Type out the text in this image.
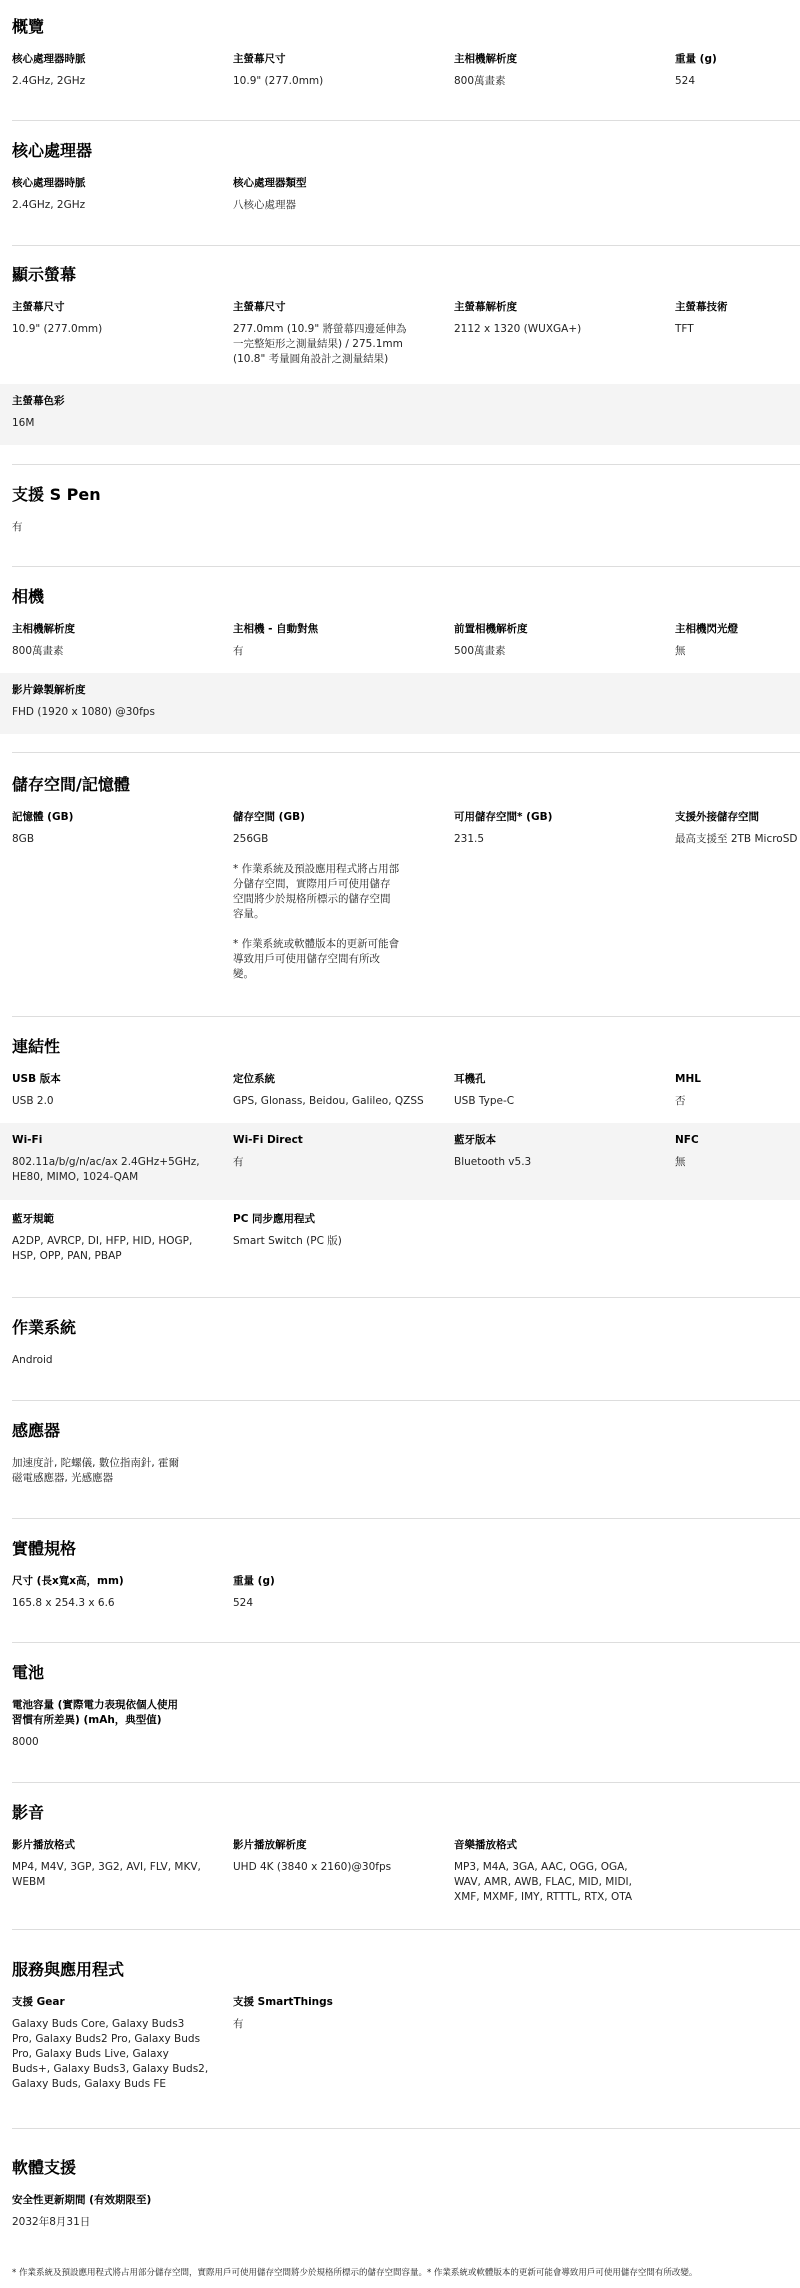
概覽
核心處理器時脈
2.4GHz, 2GHz
主螢幕尺寸
10.9" (277.0mm)
主相機解析度
800萬畫素
重量 (g)
524
核心處理器
核心處理器時脈
2.4GHz, 2GHz
核心處理器類型
八核心處理器
顯示螢幕
主螢幕尺寸
10.9" (277.0mm)
主螢幕尺寸
277.0mm (10.9" 將螢幕四邊延伸為
一完整矩形之測量結果) / 275.1mm
(10.8" 考量圓角設計之測量結果)
主螢幕解析度
2112 x 1320 (WUXGA+)
主螢幕技術
TFT
主螢幕色彩
16M
支援 S Pen
有
相機
主相機解析度
800萬畫素
主相機 - 自動對焦
有
前置相機解析度
500萬畫素
主相機閃光燈
無
影片錄製解析度
FHD (1920 x 1080) @30fps
儲存空間/記憶體
記憶體 (GB)
8GB
儲存空間 (GB)
256GB

* 作業系統及預設應用程式將占用部
分儲存空間，實際用戶可使用儲存
空間將少於規格所標示的儲存空間
容量。

* 作業系統或軟體版本的更新可能會
導致用戶可使用儲存空間有所改
變。
可用儲存空間* (GB)
231.5
支援外接儲存空間
最高支援至 2TB MicroSD
連結性
USB 版本
USB 2.0
定位系統
GPS, Glonass, Beidou, Galileo, QZSS
耳機孔
USB Type-C
MHL
否
Wi-Fi
802.11a/b/g/n/ac/ax 2.4GHz+5GHz,
HE80, MIMO, 1024-QAM
Wi-Fi Direct
有
藍牙版本
Bluetooth v5.3
NFC
無
藍牙規範
A2DP, AVRCP, DI, HFP, HID, HOGP,
HSP, OPP, PAN, PBAP
PC 同步應用程式
Smart Switch (PC 版)
作業系統
Android
感應器
加速度計, 陀螺儀, 數位指南針, 霍爾
磁電感應器, 光感應器
實體規格
尺寸 (長x寬x高，mm)
165.8 x 254.3 x 6.6
重量 (g)
524
電池
電池容量 (實際電力表現依個人使用
習慣有所差異) (mAh，典型值)
8000
影音
影片播放格式
MP4, M4V, 3GP, 3G2, AVI, FLV, MKV,
WEBM
影片播放解析度
UHD 4K (3840 x 2160)@30fps
音樂播放格式
MP3, M4A, 3GA, AAC, OGG, OGA,
WAV, AMR, AWB, FLAC, MID, MIDI,
XMF, MXMF, IMY, RTTTL, RTX, OTA
服務與應用程式
支援 Gear
Galaxy Buds Core, Galaxy Buds3
Pro, Galaxy Buds2 Pro, Galaxy Buds
Pro, Galaxy Buds Live, Galaxy
Buds+, Galaxy Buds3, Galaxy Buds2,
Galaxy Buds, Galaxy Buds FE
支援 SmartThings
有
軟體支援
安全性更新期間 (有效期限至)
2032年8月31日
* 作業系統及預設應用程式將占用部分儲存空間，實際用戶可使用儲存空間將少於規格所標示的儲存空間容量。* 作業系統或軟體版本的更新可能會導致用戶可使用儲存空間有所改變。
